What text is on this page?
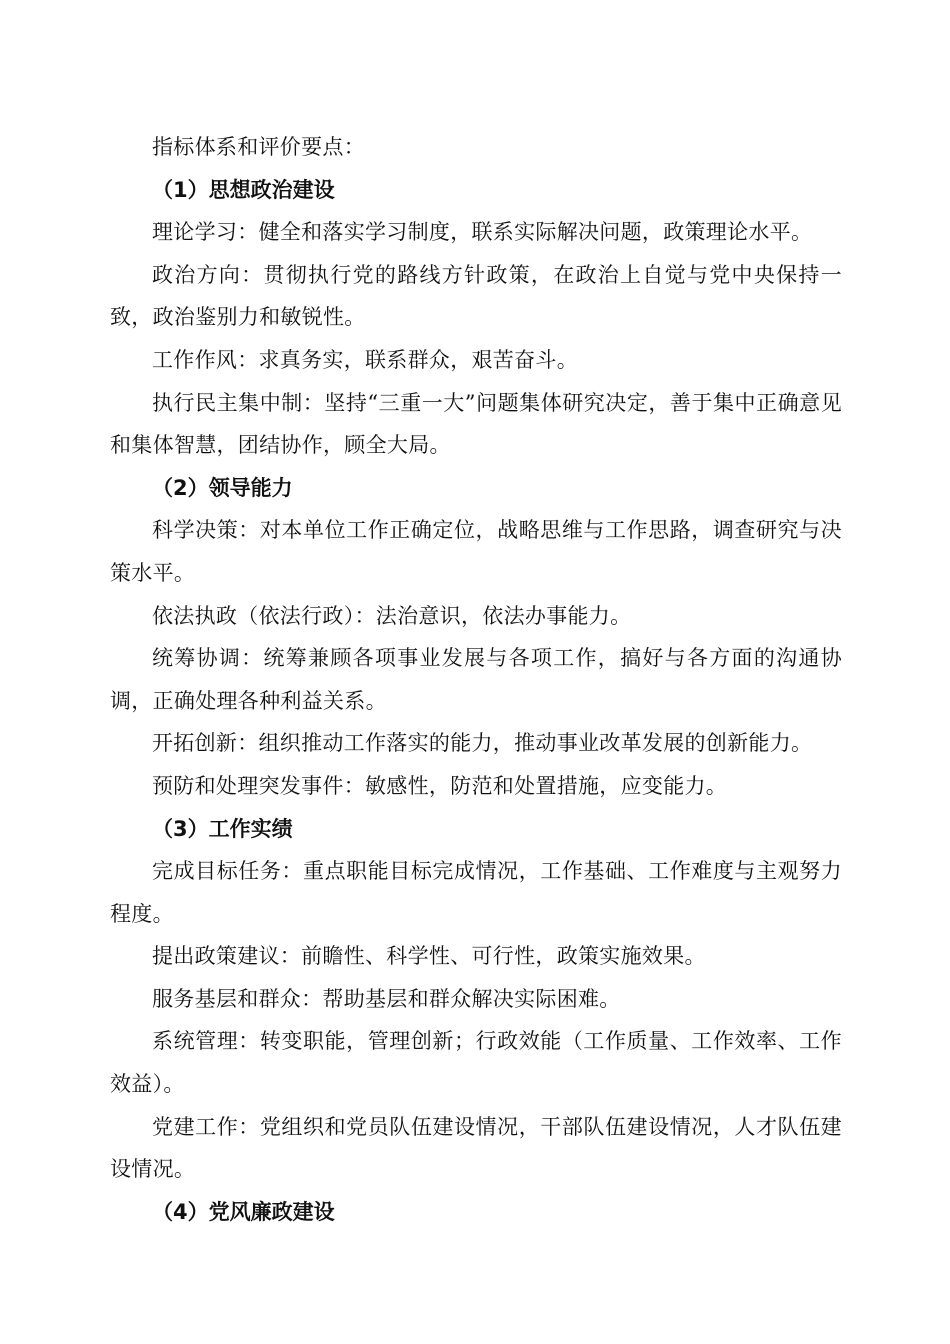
指标体系和评价要点：

（1）思想政治建设

理论学习：健全和落实学习制度，联系实际解决问题，政策理论水平。

政治方向：贯彻执行党的路线方针政策，在政治上自觉与党中央保持一致，政治鉴别力和敏锐性。

工作作风：求真务实，联系群众，艰苦奋斗。

执行民主集中制：坚持“三重一大”问题集体研究决定，善于集中正确意见和集体智慧，团结协作，顾全大局。

（2）领导能力

科学决策：对本单位工作正确定位，战略思维与工作思路，调查研究与决策水平。

依法执政（依法行政）：法治意识，依法办事能力。

统筹协调：统筹兼顾各项事业发展与各项工作，搞好与各方面的沟通协调，正确处理各种利益关系。

开拓创新：组织推动工作落实的能力，推动事业改革发展的创新能力。

预防和处理突发事件：敏感性，防范和处置措施，应变能力。

（3）工作实绩

完成目标任务：重点职能目标完成情况，工作基础、工作难度与主观努力程度。

提出政策建议：前瞻性、科学性、可行性，政策实施效果。

服务基层和群众：帮助基层和群众解决实际困难。

系统管理：转变职能，管理创新；行政效能（工作质量、工作效率、工作效益）。

党建工作：党组织和党员队伍建设情况，干部队伍建设情况，人才队伍建设情况。

（4）党风廉政建设
